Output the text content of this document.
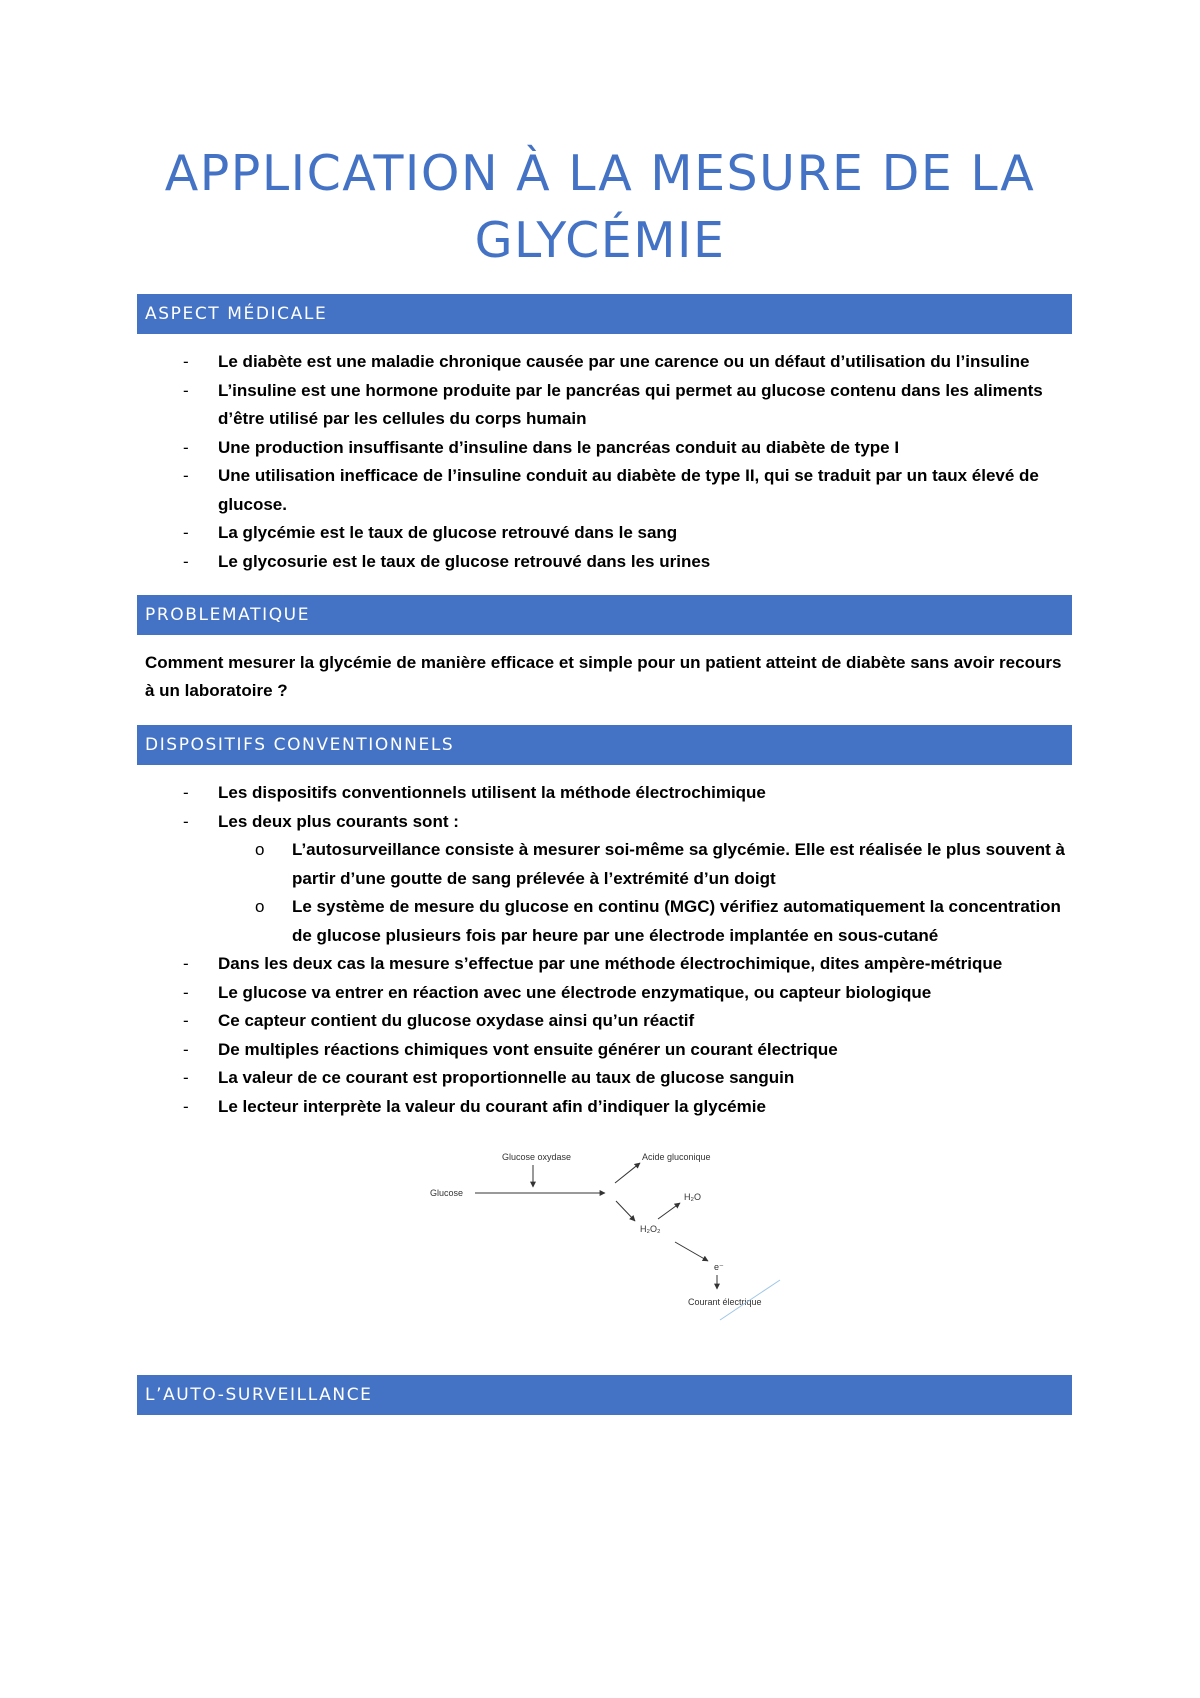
APPLICATION À LA MESURE DE LA GLYCÉMIE
ASPECT MÉDICALE
- Le diabète est une maladie chronique causée par une carence ou un défaut d’utilisation du l’insuline
- L’insuline est une hormone produite par le pancréas qui permet au glucose contenu dans les aliments d’être utilisé par les cellules du corps humain
- Une production insuffisante d’insuline dans le pancréas conduit au diabète de type I
- Une utilisation inefficace de l’insuline conduit au diabète de type II, qui se traduit par un taux élevé de glucose.
- La glycémie est le taux de glucose retrouvé dans le sang
- Le glycosurie est le taux de glucose retrouvé dans les urines
PROBLEMATIQUE

Comment mesurer la glycémie de manière efficace et simple pour un patient atteint de diabète sans avoir recours à un laboratoire ?

DISPOSITIFS CONVENTIONNELS
- Les dispositifs conventionnels utilisent la méthode électrochimique
- Les deux plus courants sont :
o L’autosurveillance consiste à mesurer soi-même sa glycémie. Elle est réalisée le plus souvent à partir d’une goutte de sang prélevée à l’extrémité d’un doigt
o Le système de mesure du glucose en continu (MGC) vérifiez automatiquement la concentration de glucose plusieurs fois par heure par une électrode implantée en sous-cutané
- Dans les deux cas la mesure s’effectue par une méthode électrochimique, dites ampère-métrique
- Le glucose va entrer en réaction avec une électrode enzymatique, ou capteur biologique
- Ce capteur contient du glucose oxydase ainsi qu’un réactif
- De multiples réactions chimiques vont ensuite générer un courant électrique
- La valeur de ce courant est proportionnelle au taux de glucose sanguin
- Le lecteur interprète la valeur du courant afin d’indiquer la glycémie
Glucose oxydase
Glucose
Acide gluconique
H₂O₂
H₂O
e⁻
Courant électrique
L’AUTO-SURVEILLANCE
